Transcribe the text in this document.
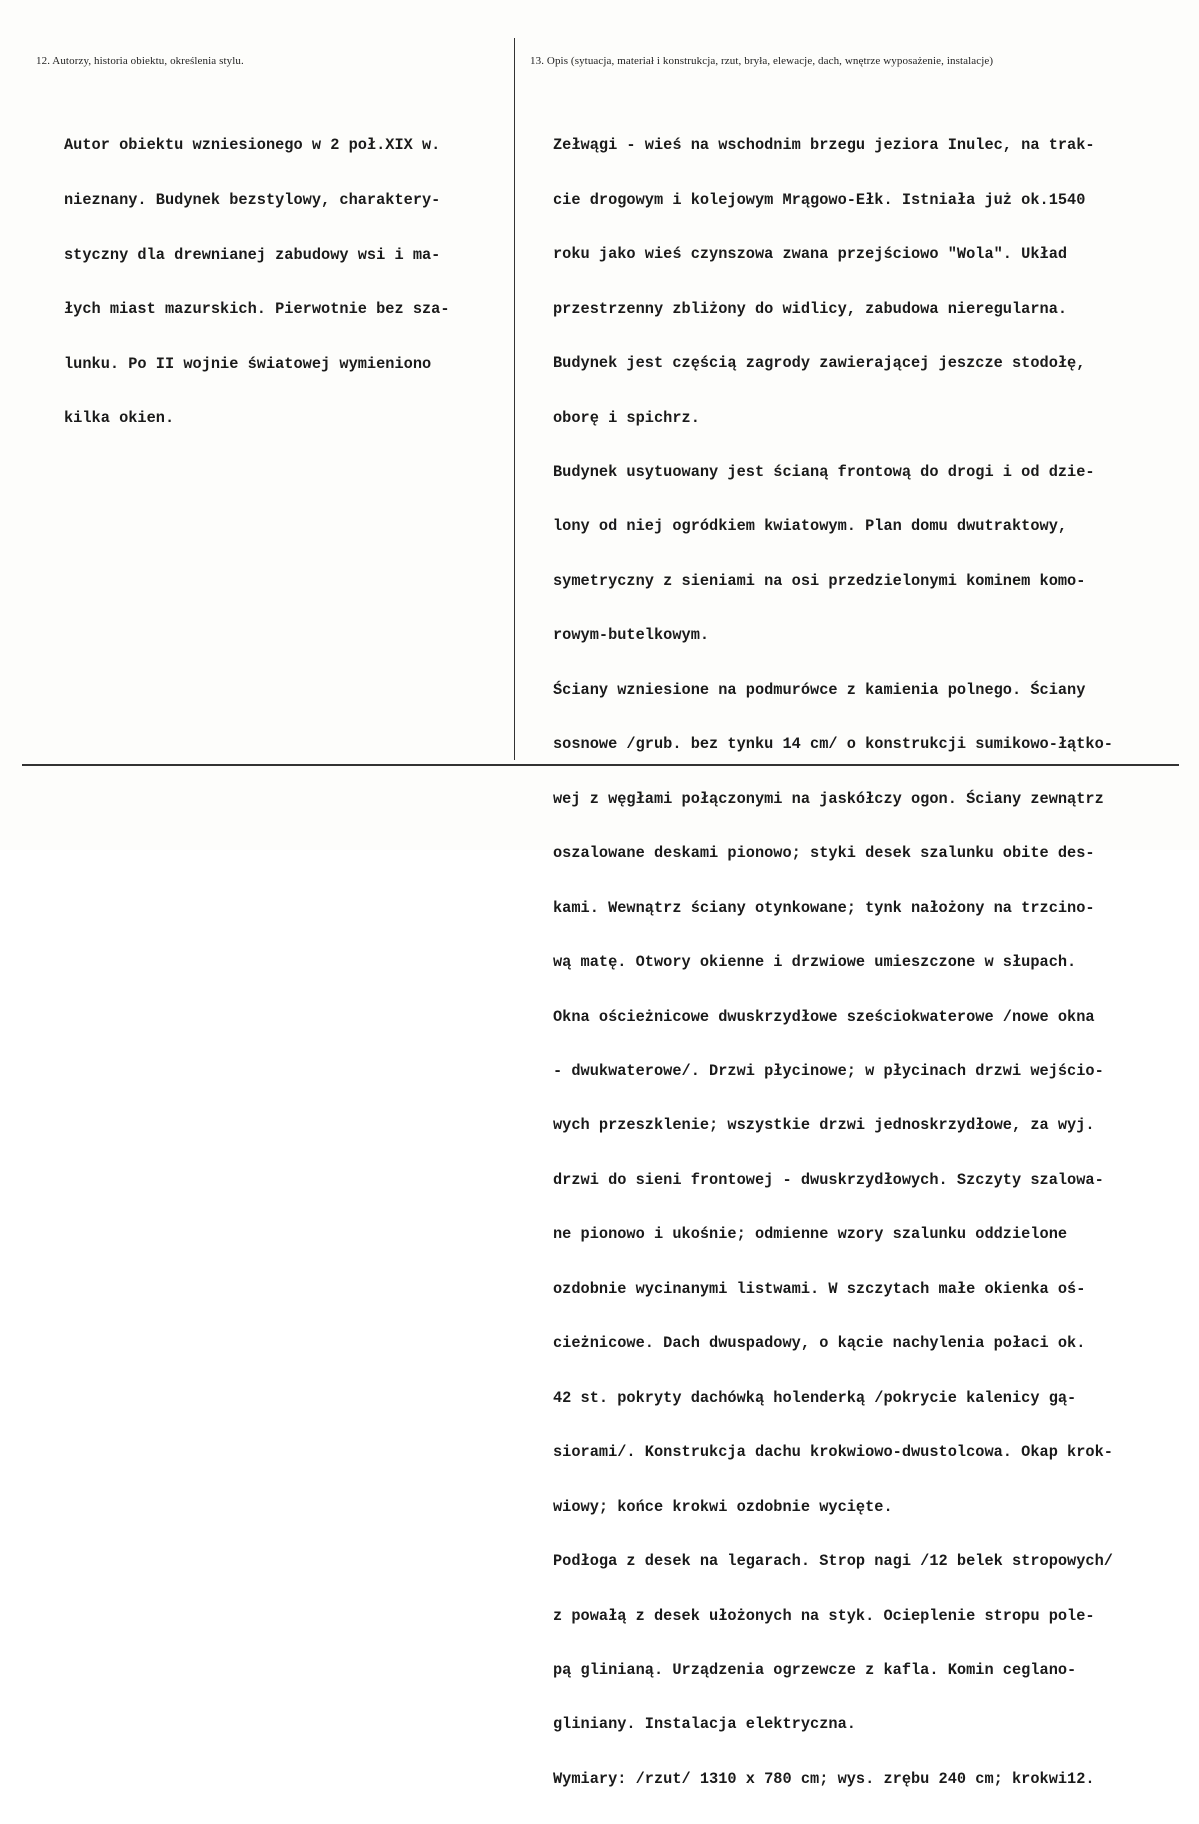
12. Autorzy, historia obiektu, określenia stylu.	13. Opis (sytuacja, materiał i konstrukcja, rzut, bryła, elewacje, dach, wnętrze wyposażenie, instalacje)

Autor obiektu wzniesionego w 2 poł.XIX w.

nieznany. Budynek bezstylowy, charaktery-

styczny dla drewnianej zabudowy wsi i ma-

łych miast mazurskich. Pierwotnie bez sza-

lunku. Po II wojnie światowej wymieniono

kilka okien.

Zełwągi - wieś na wschodnim brzegu jeziora Inulec, na trak-

cie drogowym i kolejowym Mrągowo-Ełk. Istniała już ok.1540

roku jako wieś czynszowa zwana przejściowo "Wola". Układ

przestrzenny zbliżony do widlicy, zabudowa nieregularna.

Budynek jest częścią zagrody zawierającej jeszcze stodołę,

oborę i spichrz.

Budynek usytuowany jest ścianą frontową do drogi i od dzie-

lony od niej ogródkiem kwiatowym. Plan domu dwutraktowy,

symetryczny z sieniami na osi przedzielonymi kominem komo-

rowym-butelkowym.

Ściany wzniesione na podmurówce z kamienia polnego. Ściany

sosnowe /grub. bez tynku 14 cm/ o konstrukcji sumikowo-łątko-

wej z węgłami połączonymi na jaskółczy ogon. Ściany zewnątrz

oszalowane deskami pionowo; styki desek szalunku obite des-

kami. Wewnątrz ściany otynkowane; tynk nałożony na trzcino-

wą matę. Otwory okienne i drzwiowe umieszczone w słupach.

Okna ościeżnicowe dwuskrzydłowe sześciokwaterowe /nowe okna

- dwukwaterowe/. Drzwi płycinowe; w płycinach drzwi wejścio-

wych przeszklenie; wszystkie drzwi jednoskrzydłowe, za wyj.

drzwi do sieni frontowej - dwuskrzydłowych. Szczyty szalowa-

ne pionowo i ukośnie; odmienne wzory szalunku oddzielone

ozdobnie wycinanymi listwami. W szczytach małe okienka oś-

cieżnicowe. Dach dwuspadowy, o kącie nachylenia połaci ok.

42 st. pokryty dachówką holenderką /pokrycie kalenicy gą-

siorami/. Konstrukcja dachu krokwiowo-dwustolcowa. Okap krok-

wiowy; końce krokwi ozdobnie wycięte.

Podłoga z desek na legarach. Strop nagi /12 belek stropowych/

z powałą z desek ułożonych na styk. Ocieplenie stropu pole-

pą glinianą. Urządzenia ogrzewcze z kafla. Komin ceglano-

gliniany. Instalacja elektryczna.

Wymiary: /rzut/ 1310 x 780 cm; wys. zrębu 240 cm; krokwi12.
